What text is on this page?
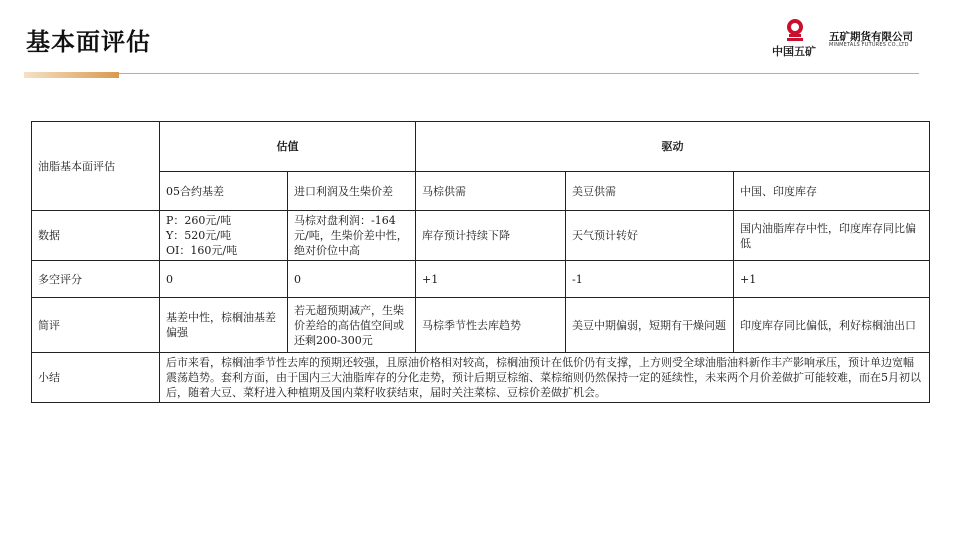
基本面评估	中国五矿
五矿期货有限公司
MINMETALS FUTURES CO.,LTD
油脂基本面评估	估值		驱动		
	05合约基差	进口利润及生柴价差	马棕供需	美豆供需	中国、印度库存
数据	P：260元/吨
Y：520元/吨
OI：160元/吨	马棕对盘利润：-164元/吨，生柴价差中性，绝对价位中高	库存预计持续下降	天气预计转好	国内油脂库存中性，印度库存同比偏低
多空评分	0	0	+1	-1	+1
简评	基差中性，棕榈油基差偏强	若无超预期减产，生柴价差给的高估值空间或还剩200-300元	马棕季节性去库趋势	美豆中期偏弱，短期有干燥问题	印度库存同比偏低，利好棕榈油出口
小结	后市来看，棕榈油季节性去库的预期还较强，且原油价格相对较高，棕榈油预计在低价仍有支撑，上方则受全球油脂油料新作丰产影响承压，预计单边宽幅震荡趋势。套利方面，由于国内三大油脂库存的分化走势，预计后期豆棕缩、菜棕缩则仍然保持一定的延续性，未来两个月价差做扩可能较难，而在5月初以后，随着大豆、菜籽进入种植期及国内菜籽收获结束，届时关注菜棕、豆棕价差做扩机会。				
